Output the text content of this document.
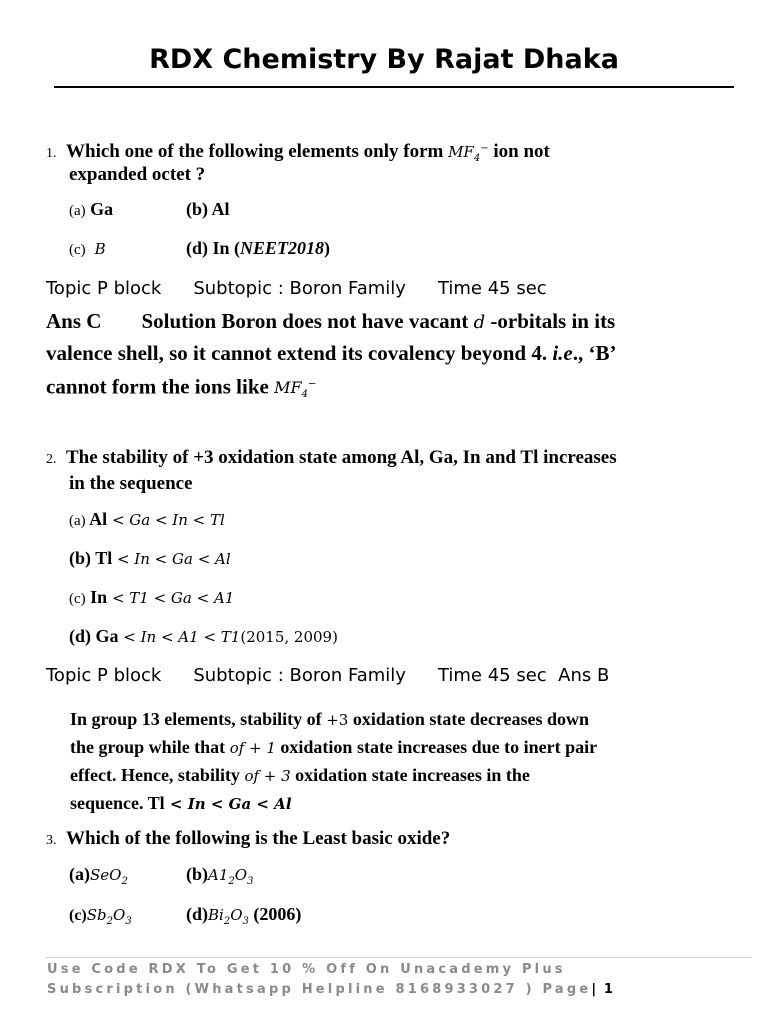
RDX Chemistry By Rajat Dhaka
1. Which one of the following elements only form $MF_4^-$ ion not
expanded octet ?
(a) Ga	(b) Al
(c) B	(d) In (NEET2018)
Topic P block Subtopic : Boron Family Time 45 sec
Ans C Solution Boron does not have vacant d -orbitals in its
valence shell, so it cannot extend its covalency beyond 4. i.e., ‘B’
cannot form the ions like $MF_4^-$
2. The stability of +3 oxidation state among Al, Ga, In and Tl increases
in the sequence
(a) Al < Ga < In < Tl
(b) Tl < In < Ga < Al
(c) In < T1 < Ga < A1
(d) Ga < In < A1 < T1(2015, 2009)
Topic P block Subtopic : Boron Family Time 45 sec Ans B
In group 13 elements, stability of +3 oxidation state decreases down
the group while that of + 1 oxidation state increases due to inert pair
effect. Hence, stability of + 3 oxidation state increases in the
sequence. Tl < In < Ga < Al
3. Which of the following is the Least basic oxide?
(a)SeO$_2$	$(b)A1_2O_3$
$(c)Sb_2O_3$	$(d)Bi_2O_3$ (2006)
Use Code RDX To Get 10 % Off On Unacademy Plus
Subscription (Whatsapp Helpline 8168933027 ) Page| 1
